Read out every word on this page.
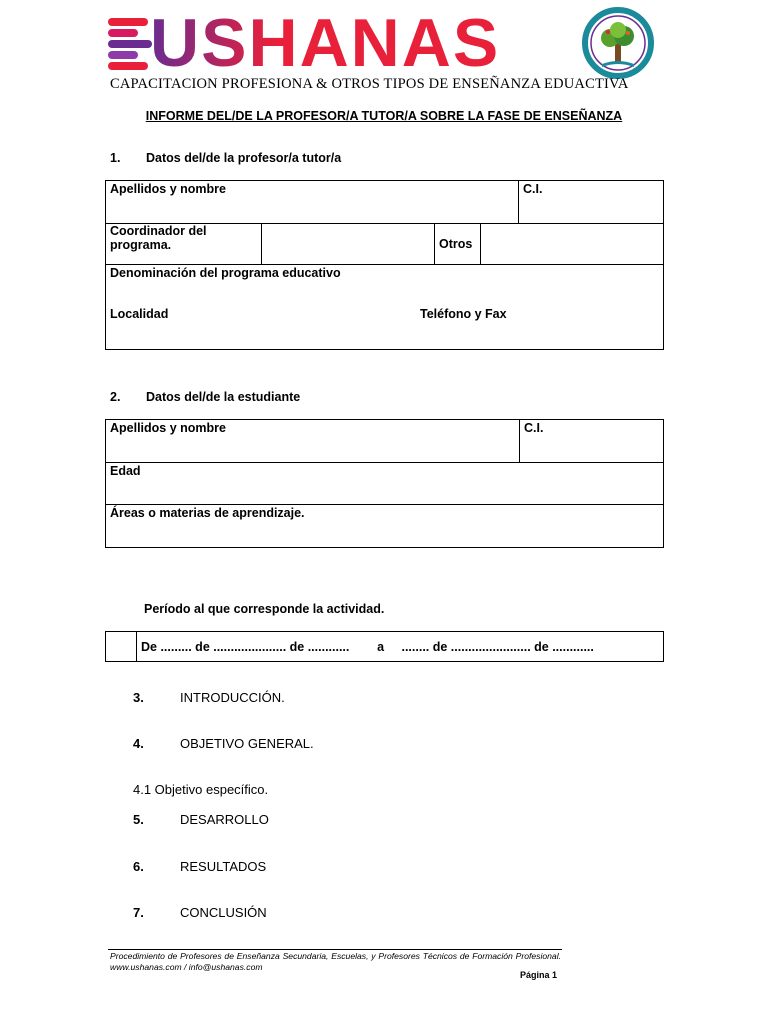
USHANAS
CAPACITACION PROFESIONA & OTROS TIPOS DE ENSEÑANZA EDUACTIVA
INFORME DEL/DE LA PROFESOR/A TUTOR/A SOBRE LA FASE DE ENSEÑANZA
1. Datos del/de la profesor/a tutor/a
Apellidos y nombre				C.I.
Coordinador del programa.		Otros		

Denominación del programa educativo
Localidad Teléfono y Fax				
2. Datos del/de la estudiante
Apellidos y nombre	C.I.
Edad
Áreas o materias de aprendizaje.
Período al que corresponde la actividad.
	De ......... de ..................... de ............        a     ........ de ....................... de ............
3.	INTRODUCCIÓN.
4.	OBJETIVO GENERAL.
4.1 Objetivo específico.
5.	DESARROLLO
6.	RESULTADOS
7.	CONCLUSIÓN
Procedimiento de Profesores de Enseñanza Secundaria, Escuelas, y Profesores Técnicos de Formación Profesional. www.ushanas.com / info@ushanas.com
Página 1
